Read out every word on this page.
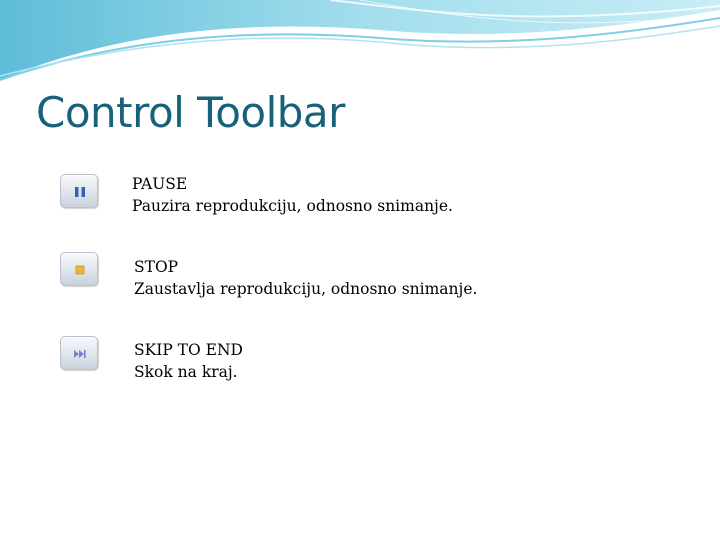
Control Toolbar
PAUSE
Pauzira reprodukciju, odnosno snimanje.
STOP
Zaustavlja reprodukciju, odnosno snimanje.
SKIP TO END
Skok na kraj.
